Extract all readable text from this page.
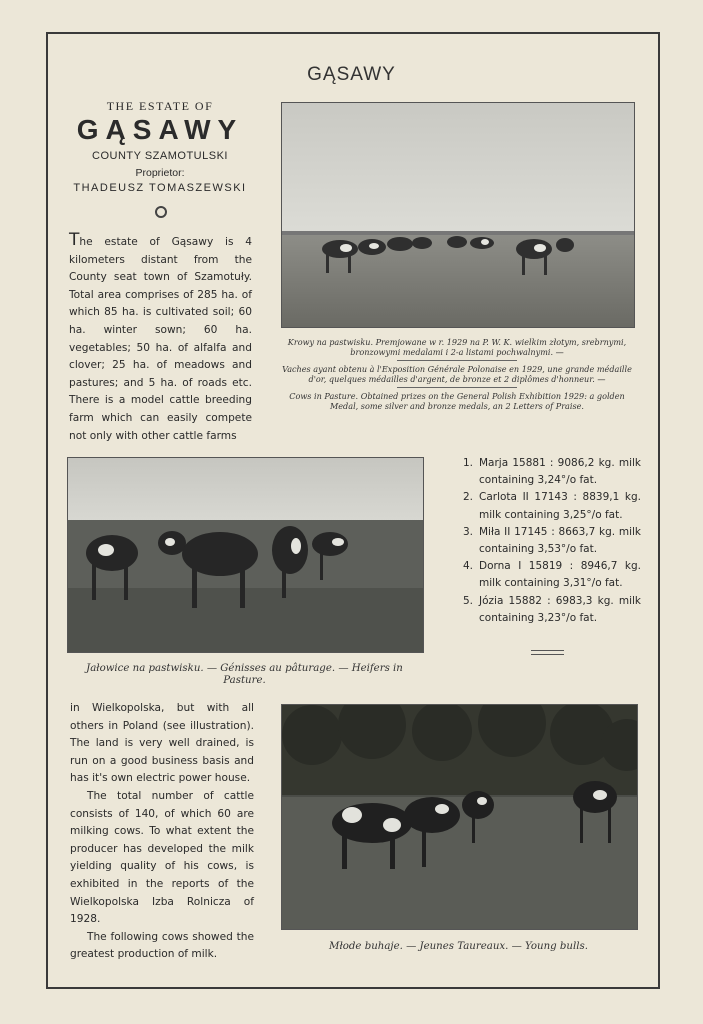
GĄSAWY
THE ESTATE OF
GĄSAWY
COUNTY SZAMOTULSKI
Proprietor:
THADEUSZ TOMASZEWSKI
The estate of Gąsawy is 4 kilometers distant from the County seat town of Szamotuły. Total area comprises of 285 ha. of which 85 ha. is cultivated soil; 60 ha. winter sown; 60 ha. vegetables; 50 ha. of alfalfa and clover; 25 ha. of meadows and pastures; and 5 ha. of roads etc. There is a model cattle breeding farm which can easily compete not only with other cattle farms
Krowy na pastwisku. Premjowane w r. 1929 na P. W. K. wielkim złotym, srebrnymi, bronzowymi medalami i 2-a listami pochwalnymi. —
Vaches ayant obtenu à l'Exposition Générale Polonaise en 1929, une grande médaille d'or, quelques médailles d'argent, de bronze et 2 diplômes d'honneur. —
Cows in Pasture. Obtained prizes on the General Polish Exhibition 1929: a golden Medal, some silver and bronze medals, an 2 Letters of Praise.
Jałowice na pastwisku. — Génisses au pâturage. — Heifers in Pasture.
1. Marja 15881 : 9086,2 kg. milk containing 3,24°/o fat.
2. Carlota II 17143 : 8839,1 kg. milk containing 3,25°/o fat.
3. Miła II 17145 : 8663,7 kg. milk containing 3,53°/o fat.
4. Dorna I 15819 : 8946,7 kg. milk containing 3,31°/o fat.
5. Józia 15882 : 6983,3 kg. milk containing 3,23°/o fat.

in Wielkopolska, but with all others in Poland (see illustration). The land is very well drained, is run on a good business basis and has it's own electric power house.

The total number of cattle consists of 140, of which 60 are milking cows. To what extent the producer has developed the milk yielding quality of his cows, is exhibited in the reports of the Wielkopolska Izba Rolnicza of 1928.

The following cows showed the greatest production of milk.

Młode buhaje. — Jeunes Taureaux. — Young bulls.
